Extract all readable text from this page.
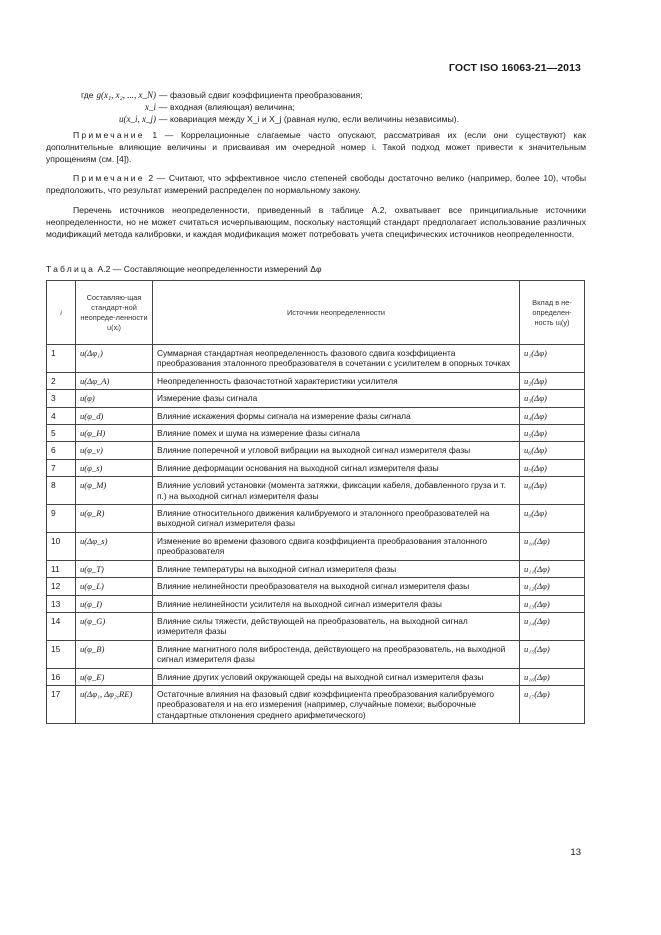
ГОСТ ISO 16063-21—2013
где g(x₁, x₂, ..., x_N) — фазовый сдвиг коэффициента преобразования;
x_i — входная (влияющая) величина;
u(x_i, x_j) — ковариация между X_i и X_j (равная нулю, если величины независимы).
Примечание 1 — Коррелационные слагаемые часто опускают, рассматривая их (если они существуют) как дополнительные влияющие величины и присваивая им очередной номер i. Такой подход может привести к значительным упрощениям (см. [4]).
Примечание 2 — Считают, что эффективное число степеней свободы достаточно велико (например, более 10), чтобы предположить, что результат измерений распределен по нормальному закону.
Перечень источников неопределенности, приведенный в таблице А.2, охватывает все принципиальные источники неопределенности, но не может считаться исчерпывающим, поскольку настоящий стандарт предполагает использование различных модификаций метода калибровки, и каждая модификация может потребовать учета специфических источников неопределенности.
Таблица А.2 — Составляющие неопределенности измерений Δφ
i	Составляю-щая стандарт-ной неопреде-ленности u(xᵢ)	Источник неопределенности	Вклад в не-определен-ность uᵢ(y)
1	u(Δφ₁)	Суммарная стандартная неопределенность фазового сдвига коэффициента преобразования эталонного преобразователя в сочетании с усилителем в опорных точках	u₁(Δφ)
2	u(Δφ_A)	Неопределенность фазочастотной характеристики усилителя	u₂(Δφ)
3	u(φ)	Измерение фазы сигнала	u₃(Δφ)
4	u(φ_d)	Влияние искажения формы сигнала на измерение фазы сигнала	u₄(Δφ)
5	u(φ_H)	Влияние помех и шума на измерение фазы сигнала	u₅(Δφ)
6	u(φ_v)	Влияние поперечной и угловой вибрации на выходной сигнал измерителя фазы	u₆(Δφ)
7	u(φ_s)	Влияние деформации основания на выходной сигнал измерителя фазы	u₇(Δφ)
8	u(φ_M)	Влияние условий установки (момента затяжки, фиксации кабеля, добавленного груза и т. п.) на выходной сигнал измерителя фазы	u₈(Δφ)
9	u(φ_R)	Влияние относительного движения калибруемого и эталонного преобразователей на выходной сигнал измерителя фазы	u₉(Δφ)
10	u(Δφ_s)	Изменение во времени фазового сдвига коэффициента преобразования эталонного преобразователя	u₁₀(Δφ)
11	u(φ_T)	Влияние температуры на выходной сигнал измерителя фазы	u₁₁(Δφ)
12	u(φ_L)	Влияние нелинейности преобразователя на выходной сигнал измерителя фазы	u₁₂(Δφ)
13	u(φ_I)	Влияние нелинейности усилителя на выходной сигнал измерителя фазы	u₁₃(Δφ)
14	u(φ_G)	Влияние силы тяжести, действующей на преобразователь, на выходной сигнал измерителя фазы	u₁₄(Δφ)
15	u(φ_B)	Влияние магнитного поля вибростенда, действующего на преобразователь, на выходной сигнал измерителя фазы	u₁₅(Δφ)
16	u(φ_E)	Влияние других условий окружающей среды на выходной сигнал измерителя фазы	u₁₆(Δφ)
17	u(Δφ₁, Δφ₂,RE)	Остаточные влияния на фазовый сдвиг коэффициента преобразования калибруемого преобразователя и на его измерения (например, случайные помехи; выборочные стандартные отклонения среднего арифметического)	u₁₇(Δφ)
13
